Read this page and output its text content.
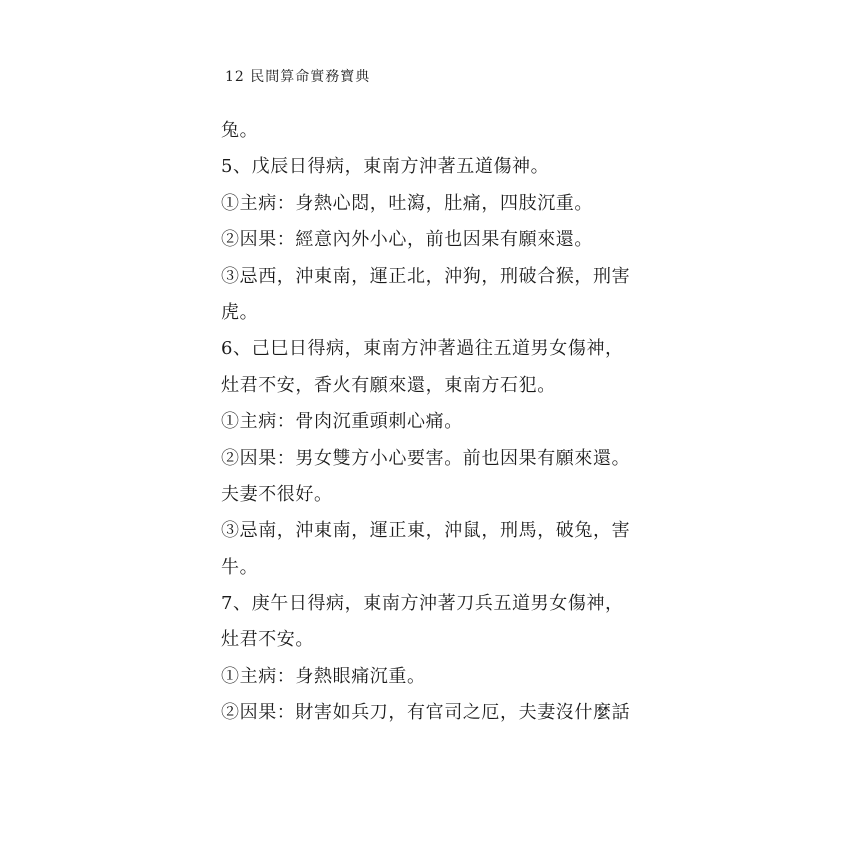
12 民間算命實務寶典
兔。
5、戊辰日得病，東南方沖著五道傷神。
①主病：身熱心悶，吐瀉，肚痛，四肢沉重。
②因果：經意內外小心，前也因果有願來還。
③忌西，沖東南，運正北，沖狗，刑破合猴，刑害
虎。
6、己巳日得病，東南方沖著過往五道男女傷神，
灶君不安，香火有願來還，東南方石犯。
①主病：骨肉沉重頭刺心痛。
②因果：男女雙方小心要害。前也因果有願來還。
夫妻不很好。
③忌南，沖東南，運正東，沖鼠，刑馬，破兔，害
牛。
7、庚午日得病，東南方沖著刀兵五道男女傷神，
灶君不安。
①主病：身熱眼痛沉重。
②因果：財害如兵刀，有官司之厄，夫妻沒什麼話
